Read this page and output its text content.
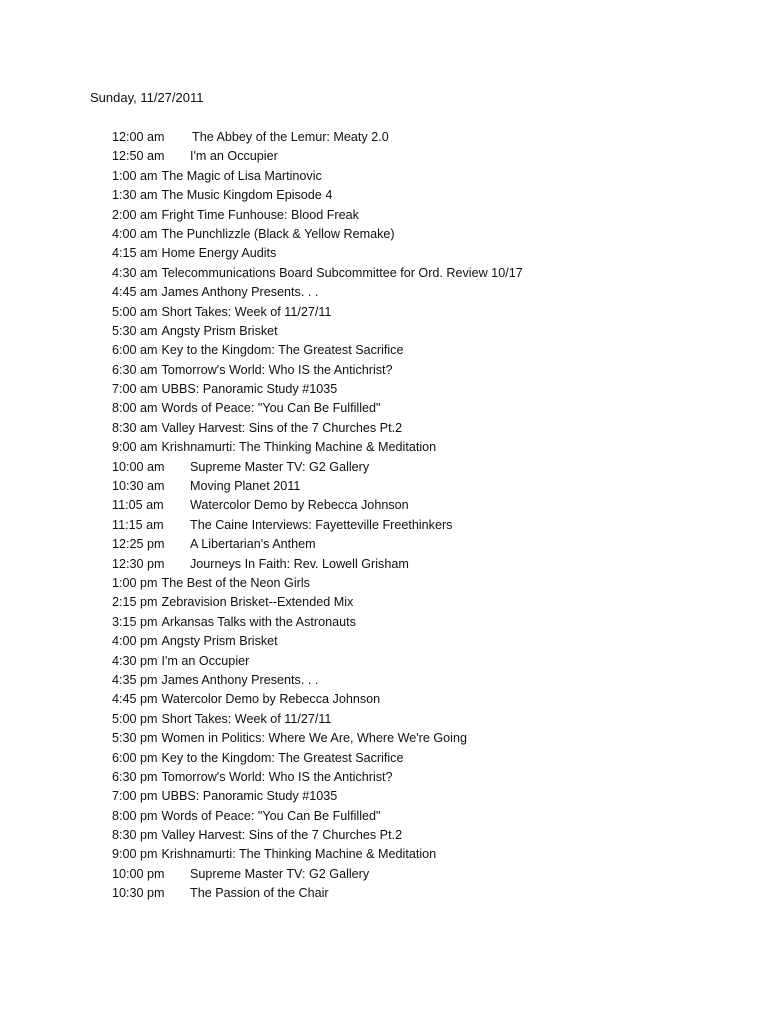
Sunday, 11/27/2011
12:00 am	The Abbey of the Lemur: Meaty 2.0
12:50 am	I'm an Occupier
1:00 am The Magic of Lisa Martinovic
1:30 am The Music Kingdom Episode 4
2:00 am Fright Time Funhouse: Blood Freak
4:00 am The Punchlizzle (Black & Yellow Remake)
4:15 am Home Energy Audits
4:30 am Telecommunications Board Subcommittee for Ord. Review 10/17
4:45 am James Anthony Presents. . .
5:00 am Short Takes: Week of 11/27/11
5:30 am Angsty Prism Brisket
6:00 am Key to the Kingdom: The Greatest Sacrifice
6:30 am Tomorrow's World: Who IS the Antichrist?
7:00 am UBBS: Panoramic Study #1035
8:00 am Words of Peace: "You Can Be Fulfilled"
8:30 am Valley Harvest: Sins of the 7 Churches Pt.2
9:00 am Krishnamurti: The Thinking Machine & Meditation
10:00 am	Supreme Master TV: G2 Gallery
10:30 am	Moving Planet 2011
11:05 am	Watercolor Demo by Rebecca Johnson
11:15 am	The Caine Interviews: Fayetteville Freethinkers
12:25 pm	A Libertarian's Anthem
12:30 pm	Journeys In Faith: Rev. Lowell Grisham
1:00 pm The Best of the Neon Girls
2:15 pm Zebravision Brisket--Extended Mix
3:15 pm Arkansas Talks with the Astronauts
4:00 pm Angsty Prism Brisket
4:30 pm I'm an Occupier
4:35 pm James Anthony Presents. . .
4:45 pm Watercolor Demo by Rebecca Johnson
5:00 pm Short Takes: Week of 11/27/11
5:30 pm Women in Politics: Where We Are, Where We're Going
6:00 pm Key to the Kingdom: The Greatest Sacrifice
6:30 pm Tomorrow's World: Who IS the Antichrist?
7:00 pm UBBS: Panoramic Study #1035
8:00 pm Words of Peace: "You Can Be Fulfilled"
8:30 pm Valley Harvest: Sins of the 7 Churches Pt.2
9:00 pm Krishnamurti: The Thinking Machine & Meditation
10:00 pm	Supreme Master TV: G2 Gallery
10:30 pm	The Passion of the Chair
